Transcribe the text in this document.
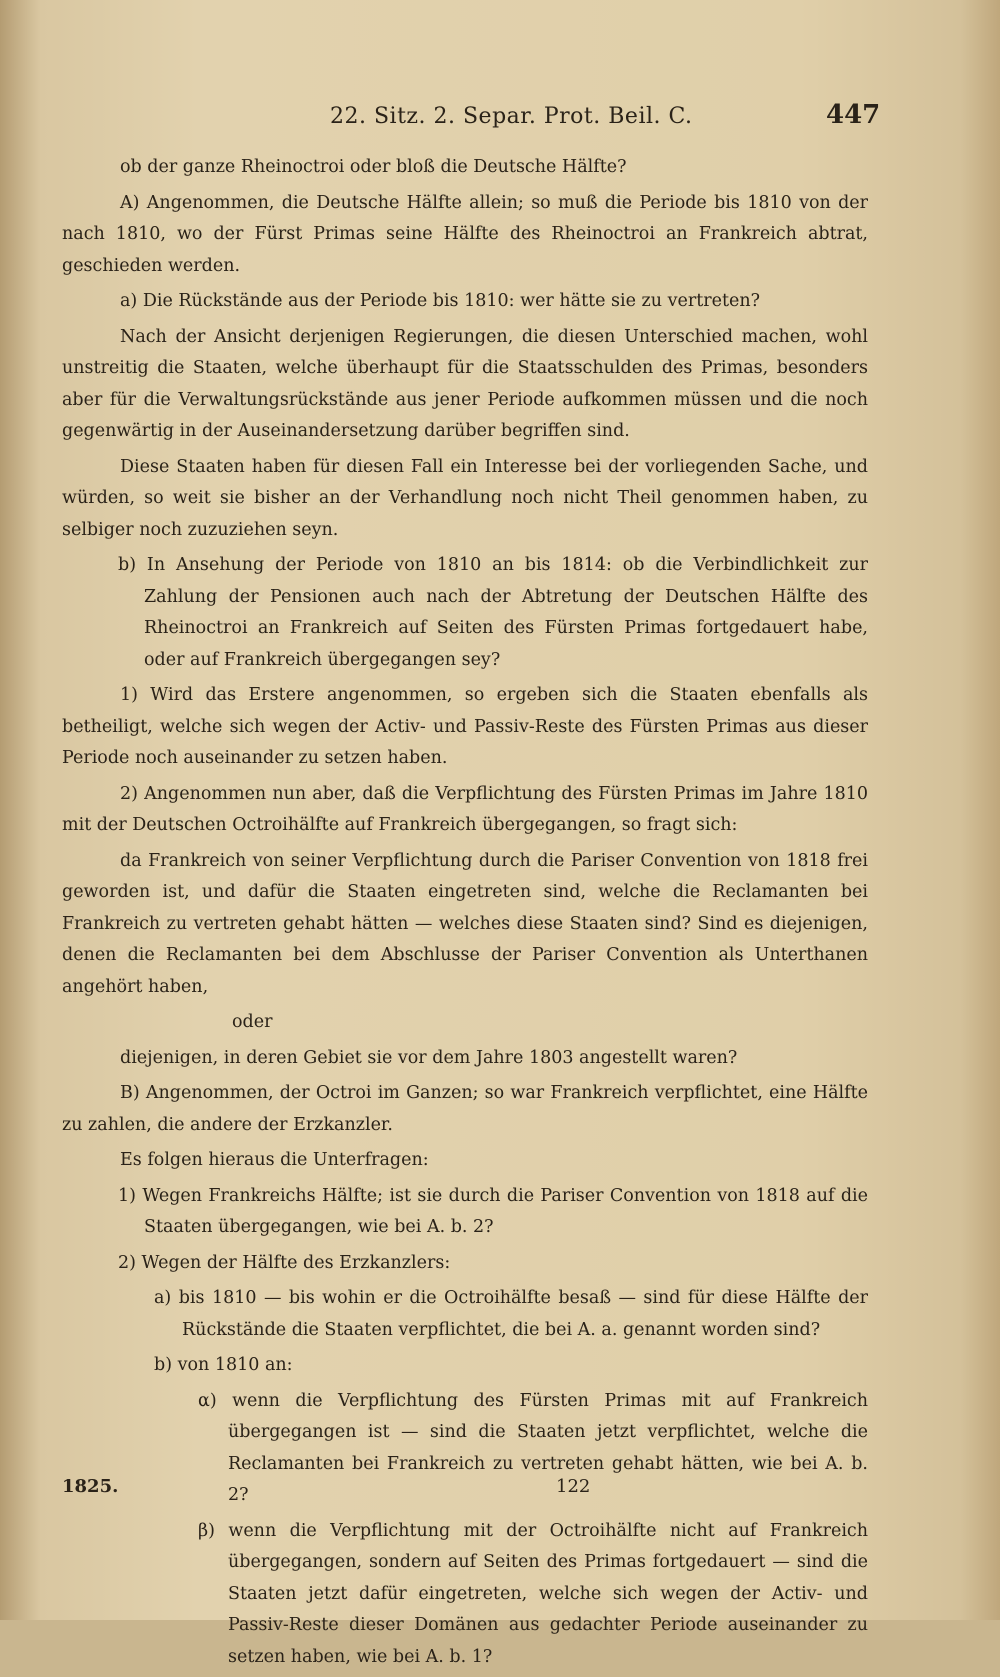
22. Sitz. 2. Separ. Prot. Beil. C.	447

ob der ganze Rheinoctroi oder bloß die Deutsche Hälfte?

A) Angenommen, die Deutsche Hälfte allein; so muß die Periode bis 1810 von der nach 1810, wo der Fürst Primas seine Hälfte des Rheinoctroi an Frankreich abtrat, geschieden werden.

a) Die Rückstände aus der Periode bis 1810: wer hätte sie zu vertreten?

Nach der Ansicht derjenigen Regierungen, die diesen Unterschied machen, wohl unstreitig die Staaten, welche überhaupt für die Staatsschulden des Primas, besonders aber für die Verwaltungsrückstände aus jener Periode aufkommen müssen und die noch gegenwärtig in der Auseinandersetzung darüber begriffen sind.

Diese Staaten haben für diesen Fall ein Interesse bei der vorliegenden Sache, und würden, so weit sie bisher an der Verhandlung noch nicht Theil genommen haben, zu selbiger noch zuzuziehen seyn.

b) In Ansehung der Periode von 1810 an bis 1814: ob die Verbindlichkeit zur Zahlung der Pensionen auch nach der Abtretung der Deutschen Hälfte des Rheinoctroi an Frankreich auf Seiten des Fürsten Primas fortgedauert habe, oder auf Frankreich übergegangen sey?

1) Wird das Erstere angenommen, so ergeben sich die Staaten ebenfalls als betheiligt, welche sich wegen der Activ- und Passiv-Reste des Fürsten Primas aus dieser Periode noch auseinander zu setzen haben.

2) Angenommen nun aber, daß die Verpflichtung des Fürsten Primas im Jahre 1810 mit der Deutschen Octroihälfte auf Frankreich übergegangen, so fragt sich:

da Frankreich von seiner Verpflichtung durch die Pariser Convention von 1818 frei geworden ist, und dafür die Staaten eingetreten sind, welche die Reclamanten bei Frankreich zu vertreten gehabt hätten — welches diese Staaten sind? Sind es diejenigen, denen die Reclamanten bei dem Abschlusse der Pariser Convention als Unterthanen angehört haben,

oder

diejenigen, in deren Gebiet sie vor dem Jahre 1803 angestellt waren?

B) Angenommen, der Octroi im Ganzen; so war Frankreich verpflichtet, eine Hälfte zu zahlen, die andere der Erzkanzler.

Es folgen hieraus die Unterfragen:

1) Wegen Frankreichs Hälfte; ist sie durch die Pariser Convention von 1818 auf die Staaten übergegangen, wie bei A. b. 2?

2) Wegen der Hälfte des Erzkanzlers:

a) bis 1810 — bis wohin er die Octroihälfte besaß — sind für diese Hälfte der Rückstände die Staaten verpflichtet, die bei A. a. genannt worden sind?

b) von 1810 an:

α) wenn die Verpflichtung des Fürsten Primas mit auf Frankreich übergegangen ist — sind die Staaten jetzt verpflichtet, welche die Reclamanten bei Frankreich zu vertreten gehabt hätten, wie bei A. b. 2?

β) wenn die Verpflichtung mit der Octroihälfte nicht auf Frankreich übergegangen, sondern auf Seiten des Primas fortgedauert — sind die Staaten jetzt dafür eingetreten, welche sich wegen der Activ- und Passiv-Reste dieser Domänen aus gedachter Periode auseinander zu setzen haben, wie bei A. b. 1?

1825.	122
